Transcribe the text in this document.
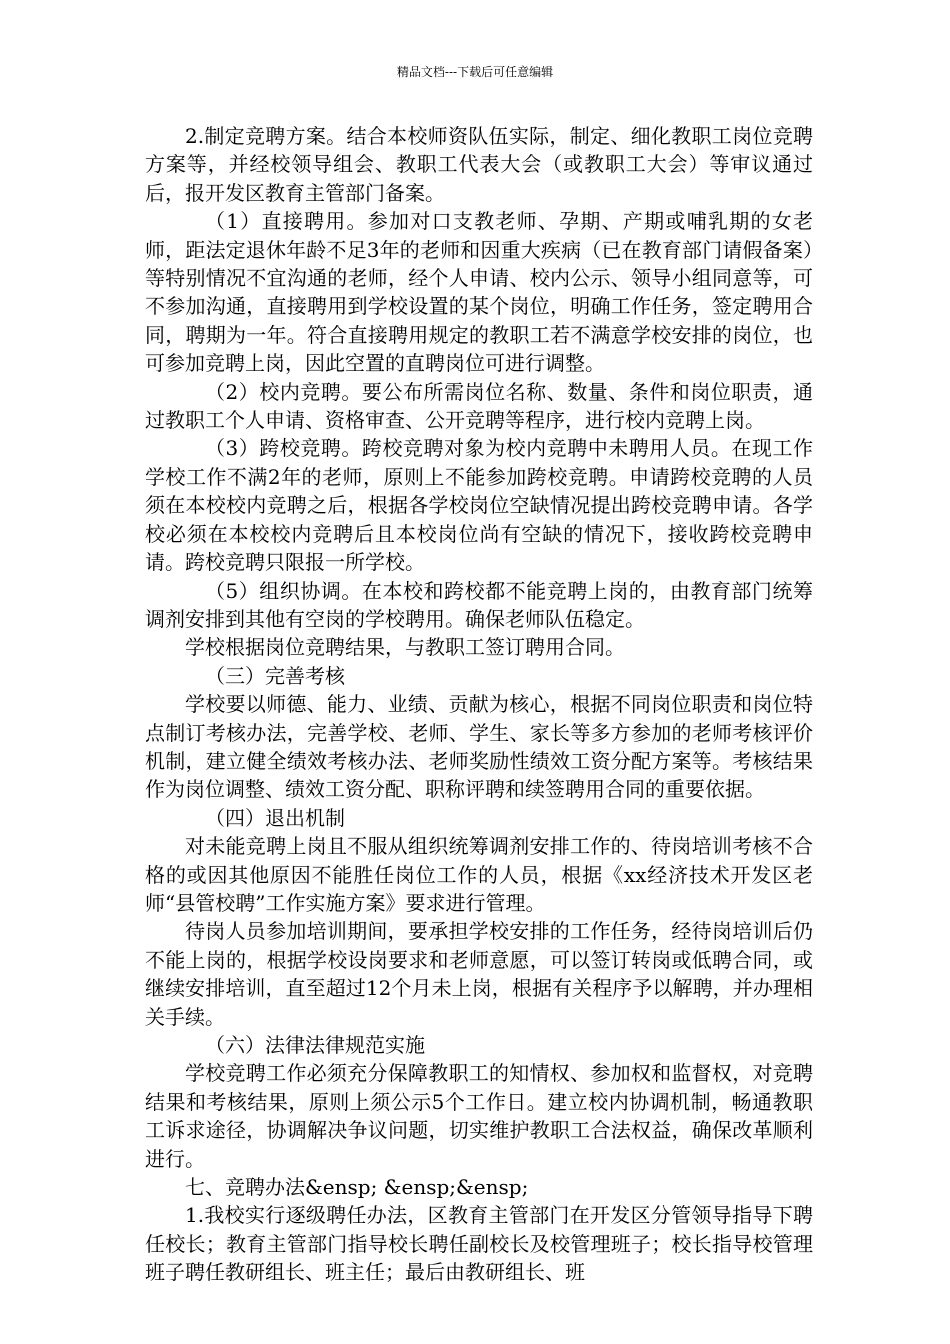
精品文档---下载后可任意编辑

2.制定竞聘方案。结合本校师资队伍实际，制定、细化教职工岗位竞聘方案等，并经校领导组会、教职工代表大会（或教职工大会）等审议通过后，报开发区教育主管部门备案。

（1）直接聘用。参加对口支教老师、孕期、产期或哺乳期的女老师，距法定退休年龄不足3年的老师和因重大疾病（已在教育部门请假备案）等特别情况不宜沟通的老师，经个人申请、校内公示、领导小组同意等，可不参加沟通，直接聘用到学校设置的某个岗位，明确工作任务，签定聘用合同，聘期为一年。符合直接聘用规定的教职工若不满意学校安排的岗位，也可参加竞聘上岗，因此空置的直聘岗位可进行调整。

（2）校内竞聘。要公布所需岗位名称、数量、条件和岗位职责，通过教职工个人申请、资格审查、公开竞聘等程序，进行校内竞聘上岗。

（3）跨校竞聘。跨校竞聘对象为校内竞聘中未聘用人员。在现工作学校工作不满2年的老师，原则上不能参加跨校竞聘。申请跨校竞聘的人员须在本校校内竞聘之后，根据各学校岗位空缺情况提出跨校竞聘申请。各学校必须在本校校内竞聘后且本校岗位尚有空缺的情况下，接收跨校竞聘申请。跨校竞聘只限报一所学校。

（5）组织协调。在本校和跨校都不能竞聘上岗的，由教育部门统筹调剂安排到其他有空岗的学校聘用。确保老师队伍稳定。

学校根据岗位竞聘结果，与教职工签订聘用合同。

（三）完善考核

学校要以师德、能力、业绩、贡献为核心，根据不同岗位职责和岗位特点制订考核办法，完善学校、老师、学生、家长等多方参加的老师考核评价机制，建立健全绩效考核办法、老师奖励性绩效工资分配方案等。考核结果作为岗位调整、绩效工资分配、职称评聘和续签聘用合同的重要依据。

（四）退出机制

对未能竞聘上岗且不服从组织统筹调剂安排工作的、待岗培训考核不合格的或因其他原因不能胜任岗位工作的人员，根据《xx经济技术开发区老师“县管校聘”工作实施方案》要求进行管理。

待岗人员参加培训期间，要承担学校安排的工作任务，经待岗培训后仍不能上岗的，根据学校设岗要求和老师意愿，可以签订转岗或低聘合同，或继续安排培训，直至超过12个月未上岗，根据有关程序予以解聘，并办理相关手续。

（六）法律法律规范实施

学校竞聘工作必须充分保障教职工的知情权、参加权和监督权，对竞聘结果和考核结果，原则上须公示5个工作日。建立校内协调机制，畅通教职工诉求途径，协调解决争议问题，切实维护教职工合法权益，确保改革顺利进行。

七、竞聘办法&ensp; &ensp;&ensp;

1.我校实行逐级聘任办法，区教育主管部门在开发区分管领导指导下聘任校长；教育主管部门指导校长聘任副校长及校管理班子；校长指导校管理班子聘任教研组长、班主任；最后由教研组长、班
